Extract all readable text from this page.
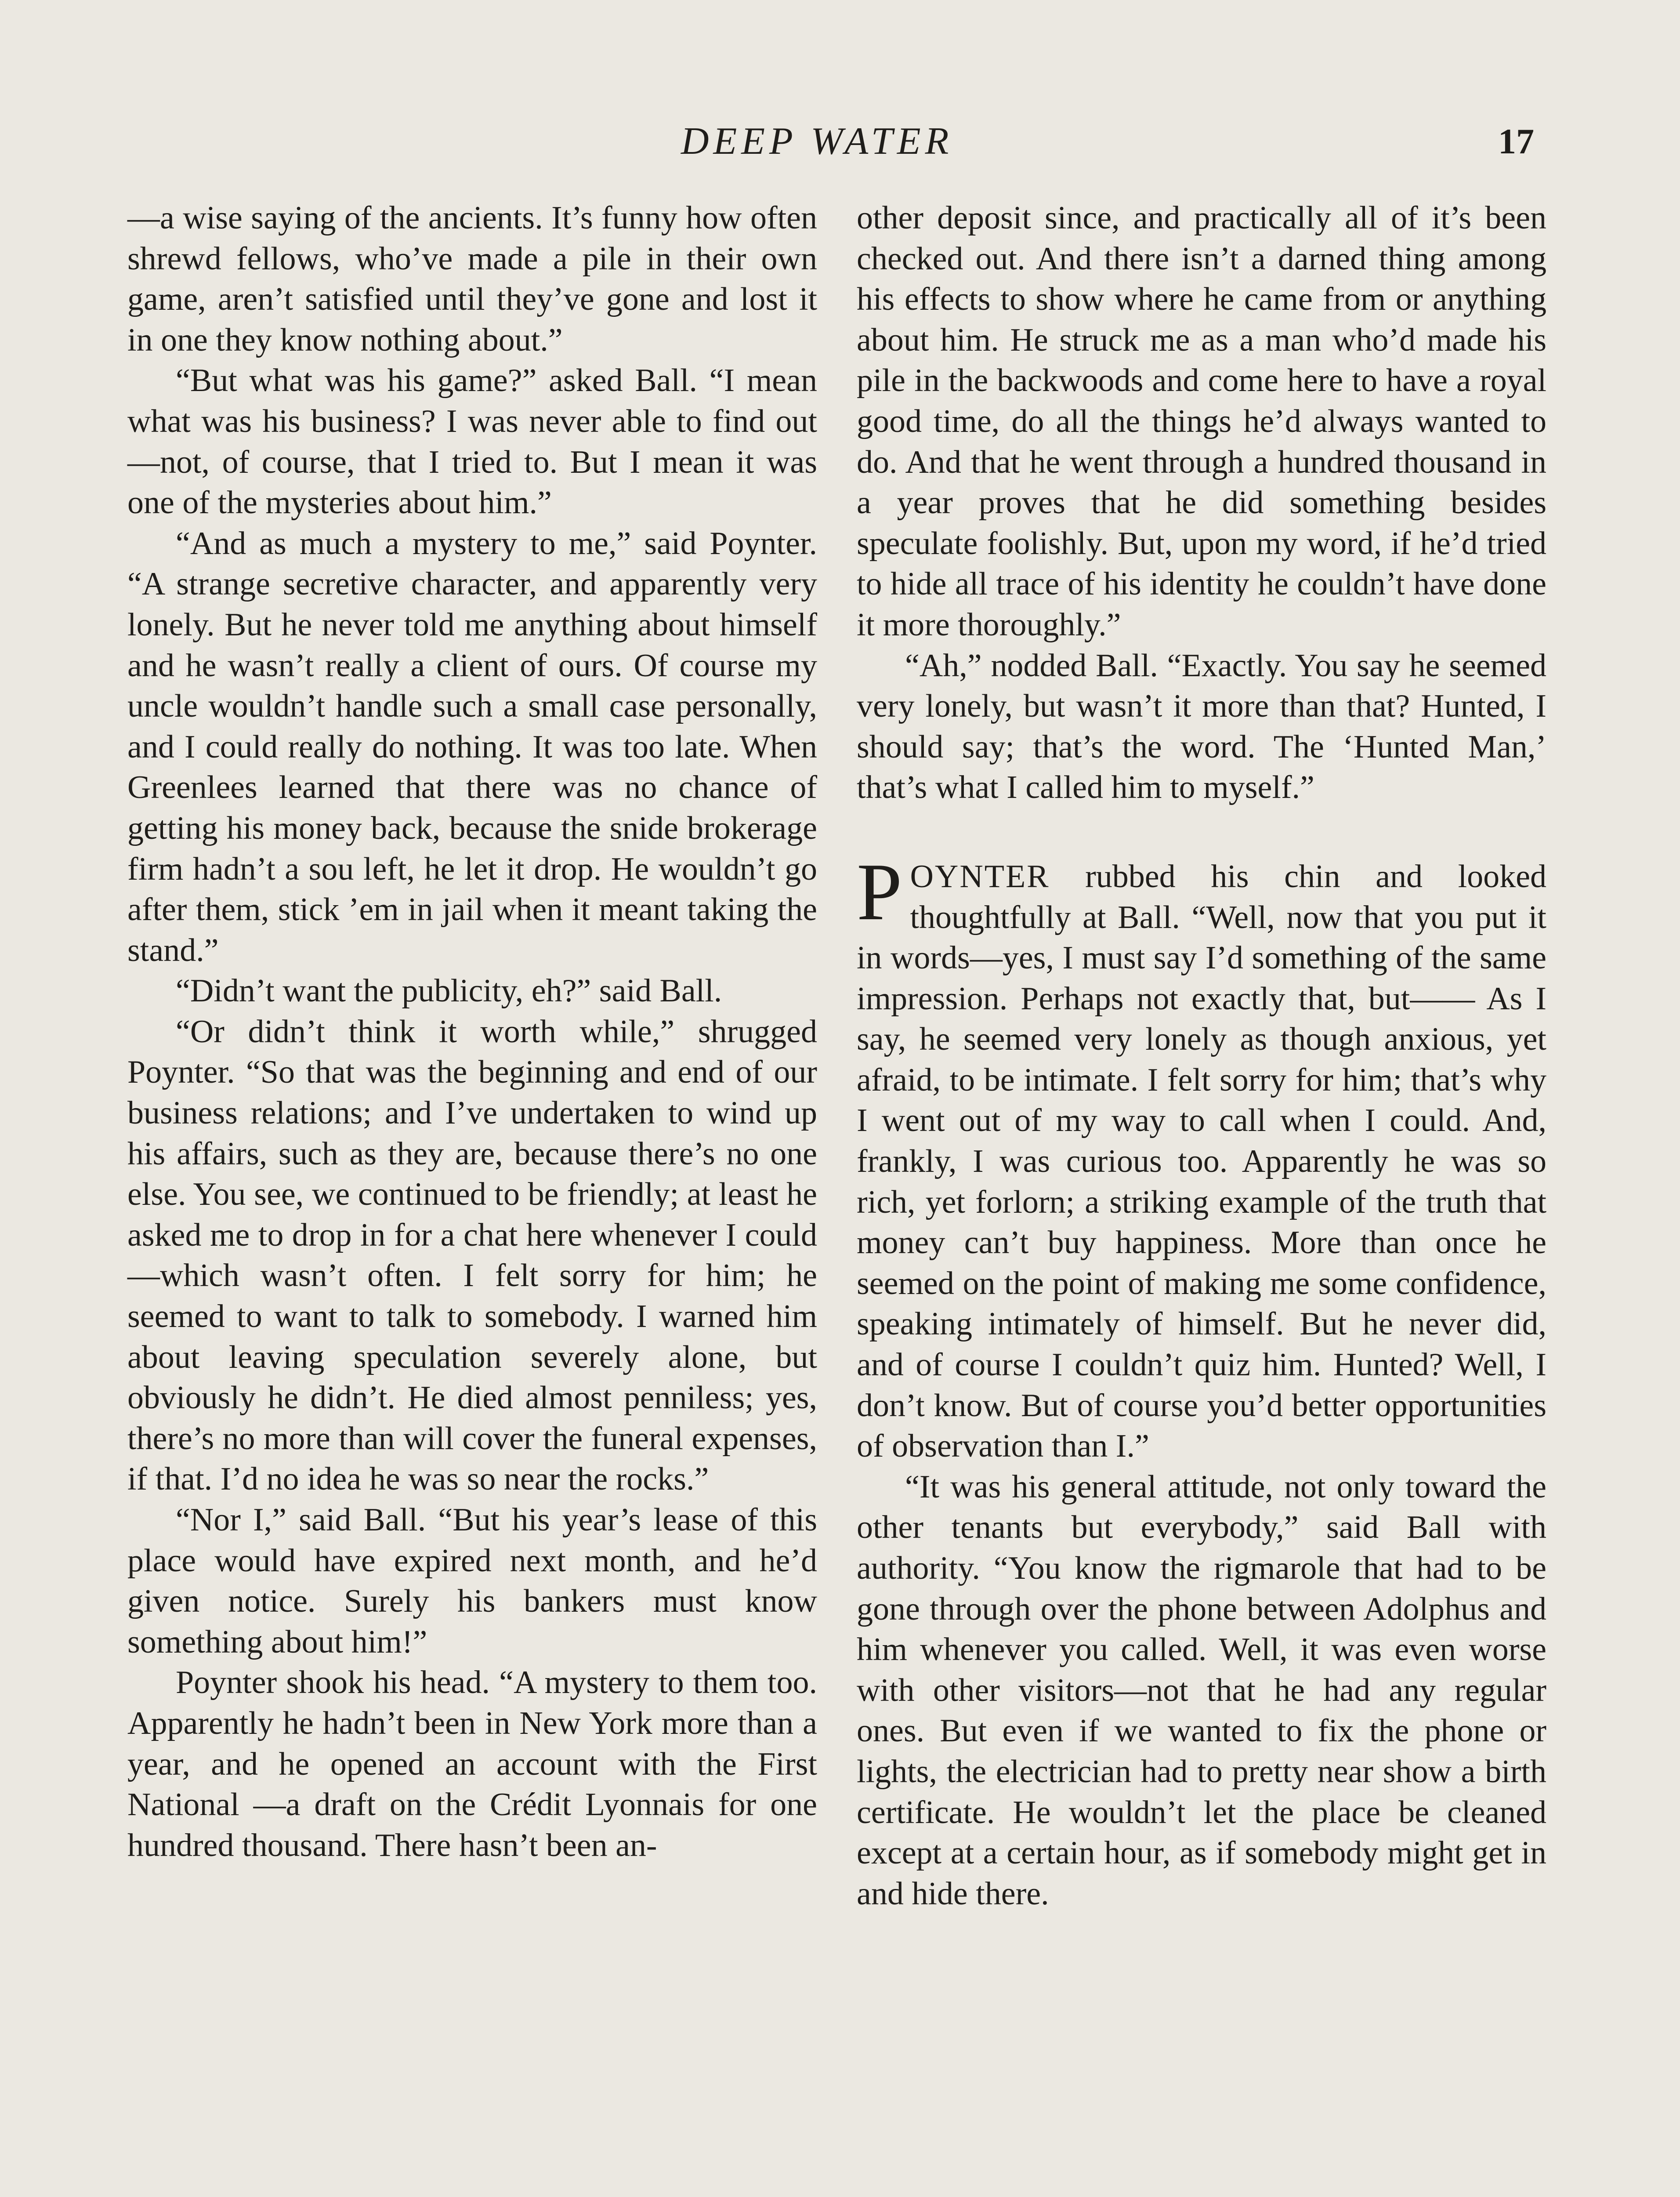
DEEP WATER	17

—a wise saying of the ancients. It’s funny how often shrewd fellows, who’ve made a pile in their own game, aren’t satisfied until they’ve gone and lost it in one they know nothing about.”

“But what was his game?” asked Ball. “I mean what was his business? I was never able to find out—not, of course, that I tried to. But I mean it was one of the mysteries about him.”

“And as much a mystery to me,” said Poynter. “A strange secretive character, and apparently very lonely. But he never told me anything about himself and he wasn’t really a client of ours. Of course my uncle wouldn’t handle such a small case personally, and I could really do nothing. It was too late. When Greenlees learned that there was no chance of getting his money back, because the snide brokerage firm hadn’t a sou left, he let it drop. He wouldn’t go after them, stick ’em in jail when it meant taking the stand.”

“Didn’t want the publicity, eh?” said Ball.

“Or didn’t think it worth while,” shrugged Poynter. “So that was the beginning and end of our business relations; and I’ve undertaken to wind up his affairs, such as they are, because there’s no one else. You see, we continued to be friendly; at least he asked me to drop in for a chat here whenever I could—which wasn’t often. I felt sorry for him; he seemed to want to talk to somebody. I warned him about leaving speculation severely alone, but obviously he didn’t. He died almost penniless; yes, there’s no more than will cover the funeral expenses, if that. I’d no idea he was so near the rocks.”

“Nor I,” said Ball. “But his year’s lease of this place would have expired next month, and he’d given notice. Surely his bankers must know something about him!”

Poynter shook his head. “A mystery to them too. Apparently he hadn’t been in New York more than a year, and he opened an account with the First National —a draft on the Crédit Lyonnais for one hundred thousand. There hasn’t been an-

other deposit since, and practically all of it’s been checked out. And there isn’t a darned thing among his effects to show where he came from or anything about him. He struck me as a man who’d made his pile in the backwoods and come here to have a royal good time, do all the things he’d always wanted to do. And that he went through a hundred thousand in a year proves that he did something besides speculate foolishly. But, upon my word, if he’d tried to hide all trace of his identity he couldn’t have done it more thoroughly.”

“Ah,” nodded Ball. “Exactly. You say he seemed very lonely, but wasn’t it more than that? Hunted, I should say; that’s the word. The ‘Hunted Man,’ that’s what I called him to myself.”

POYNTER rubbed his chin and looked thoughtfully at Ball. “Well, now that you put it in words—yes, I must say I’d something of the same impression. Perhaps not exactly that, but—— As I say, he seemed very lonely as though anxious, yet afraid, to be intimate. I felt sorry for him; that’s why I went out of my way to call when I could. And, frankly, I was curious too. Apparently he was so rich, yet forlorn; a striking example of the truth that money can’t buy happiness. More than once he seemed on the point of making me some confidence, speaking intimately of himself. But he never did, and of course I couldn’t quiz him. Hunted? Well, I don’t know. But of course you’d better opportunities of observation than I.”

“It was his general attitude, not only toward the other tenants but everybody,” said Ball with authority. “You know the rigmarole that had to be gone through over the phone between Adolphus and him whenever you called. Well, it was even worse with other visitors—not that he had any regular ones. But even if we wanted to fix the phone or lights, the electrician had to pretty near show a birth certificate. He wouldn’t let the place be cleaned except at a certain hour, as if somebody might get in and hide there.
